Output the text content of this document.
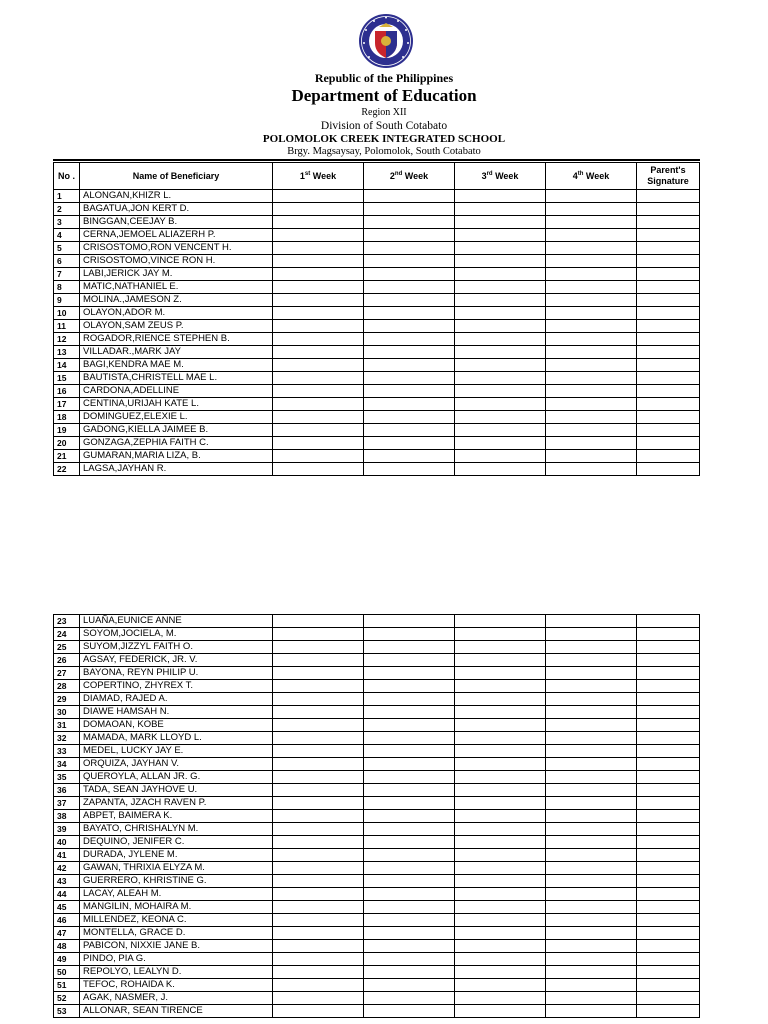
Republic of the Philippines
Department of Education
Region XII
Division of South Cotabato
POLOMOLOK CREEK INTEGRATED SCHOOL
Brgy. Magsaysay, Polomolok, South Cotabato
No .	Name of Beneficiary	1st Week	2nd Week	3rd Week	4th Week	Parent's Signature
1	ALONGAN,KHIZR L.					
2	BAGATUA,JON KERT D.					
3	BINGGAN,CEEJAY B.					
4	CERNA,JEMOEL ALIAZERH P.					
5	CRISOSTOMO,RON VENCENT H.					
6	CRISOSTOMO,VINCE RON H.					
7	LABI,JERICK JAY M.					
8	MATIC,NATHANIEL E.					
9	MOLINA.,JAMESON Z.					
10	OLAYON,ADOR M.					
11	OLAYON,SAM ZEUS P.					
12	ROGADOR,RIENCE STEPHEN B.					
13	VILLADAR.,MARK JAY					
14	BAGI,KENDRA MAE M.					
15	BAUTISTA,CHRISTELL MAE L.					
16	CARDONA,ADELLINE					
17	CENTINA,URIJAH KATE L.					
18	DOMINGUEZ,ELEXIE L.					
19	GADONG,KIELLA JAIMEE B.					
20	GONZAGA,ZEPHIA FAITH C.					
21	GUMARAN,MARIA LIZA, B.					
22	LAGSA,JAYHAN R.					
23	LUAÑA,EUNICE ANNE					
24	SOYOM,JOCIELA, M.					
25	SUYOM,JIZZYL FAITH O.					
26	AGSAY, FEDERICK, JR. V.					
27	BAYONA, REYN PHILIP U.					
28	COPERTINO, ZHYREX T.					
29	DIAMAD, RAJED A.					
30	DIAWE HAMSAH N.					
31	DOMAOAN, KOBE					
32	MAMADA, MARK LLOYD L.					
33	MEDEL, LUCKY JAY E.					
34	ORQUIZA, JAYHAN V.					
35	QUEROYLA, ALLAN JR. G.					
36	TADA, SEAN JAYHOVE U.					
37	ZAPANTA, JZACH RAVEN P.					
38	ABPET, BAIMERA K.					
39	BAYATO, CHRISHALYN M.					
40	DEQUINO, JENIFER C.					
41	DURADA, JYLENE M.					
42	GAWAN, THRIXIA ELYZA M.					
43	GUERRERO, KHRISTINE G.					
44	LACAY, ALEAH M.					
45	MANGILIN, MOHAIRA M.					
46	MILLENDEZ, KEONA C.					
47	MONTELLA, GRACE D.					
48	PABICON, NIXXIE JANE B.					
49	PINDO, PIA G.					
50	REPOLYO, LEALYN D.					
51	TEFOC, ROHAIDA K.					
52	AGAK, NASMER, J.					
53	ALLONAR, SEAN TIRENCE					
